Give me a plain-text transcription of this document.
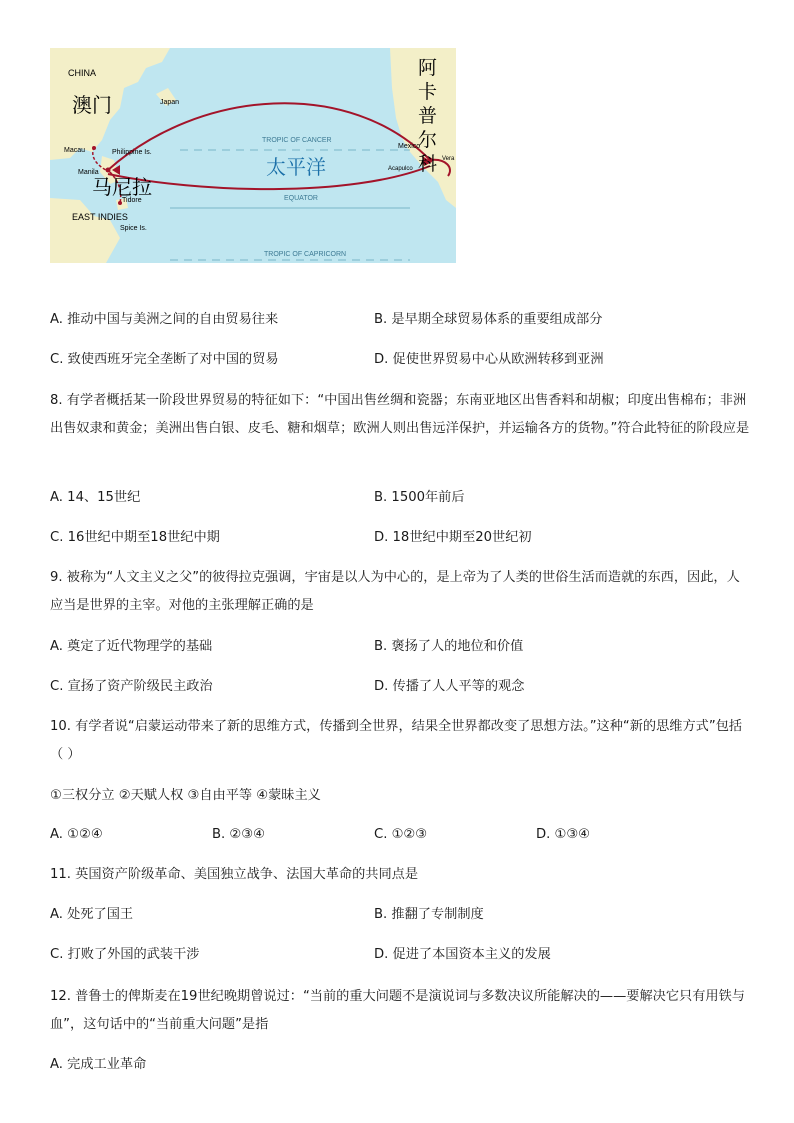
CHINA
Japan
澳门
Macau	Philippine Is.
Manila
马尼拉
Tidore
EAST INDIES
Spice Is.
TROPIC OF CANCER
太平洋
EQUATOR
TROPIC OF CAPRICORN
Mexico
Acapulco
Vera
阿
卡
普
尔
科
A. 推动中国与美洲之间的自由贸易往来	B. 是早期全球贸易体系的重要组成部分
C. 致使西班牙完全垄断了对中国的贸易	D. 促使世界贸易中心从欧洲转移到亚洲
8. 有学者概括某一阶段世界贸易的特征如下：“中国出售丝绸和瓷器；东南亚地区出售香料和胡椒；印度出售棉布；非洲出售奴隶和黄金；美洲出售白银、皮毛、糖和烟草；欧洲人则出售远洋保护，并运输各方的货物。”符合此特征的阶段应是
A. 14、15世纪	B. 1500年前后
C. 16世纪中期至18世纪中期	D. 18世纪中期至20世纪初
9. 被称为“人文主义之父”的彼得拉克强调，宇宙是以人为中心的，是上帝为了人类的世俗生活而造就的东西，因此，人应当是世界的主宰。对他的主张理解正确的是
A. 奠定了近代物理学的基础	B. 褒扬了人的地位和价值
C. 宣扬了资产阶级民主政治	D. 传播了人人平等的观念
10. 有学者说“启蒙运动带来了新的思维方式，传播到全世界，结果全世界都改变了思想方法。”这种“新的思维方式”包括（ ）
①三权分立 ②天赋人权 ③自由平等 ④蒙昧主义
A. ①②④	B. ②③④	C. ①②③	D. ①③④
11. 英国资产阶级革命、美国独立战争、法国大革命的共同点是
A. 处死了国王	B. 推翻了专制制度
C. 打败了外国的武装干涉	D. 促进了本国资本主义的发展
12. 普鲁士的俾斯麦在19世纪晚期曾说过：“当前的重大问题不是演说词与多数决议所能解决的——要解决它只有用铁与血”，这句话中的“当前重大问题”是指
A. 完成工业革命
